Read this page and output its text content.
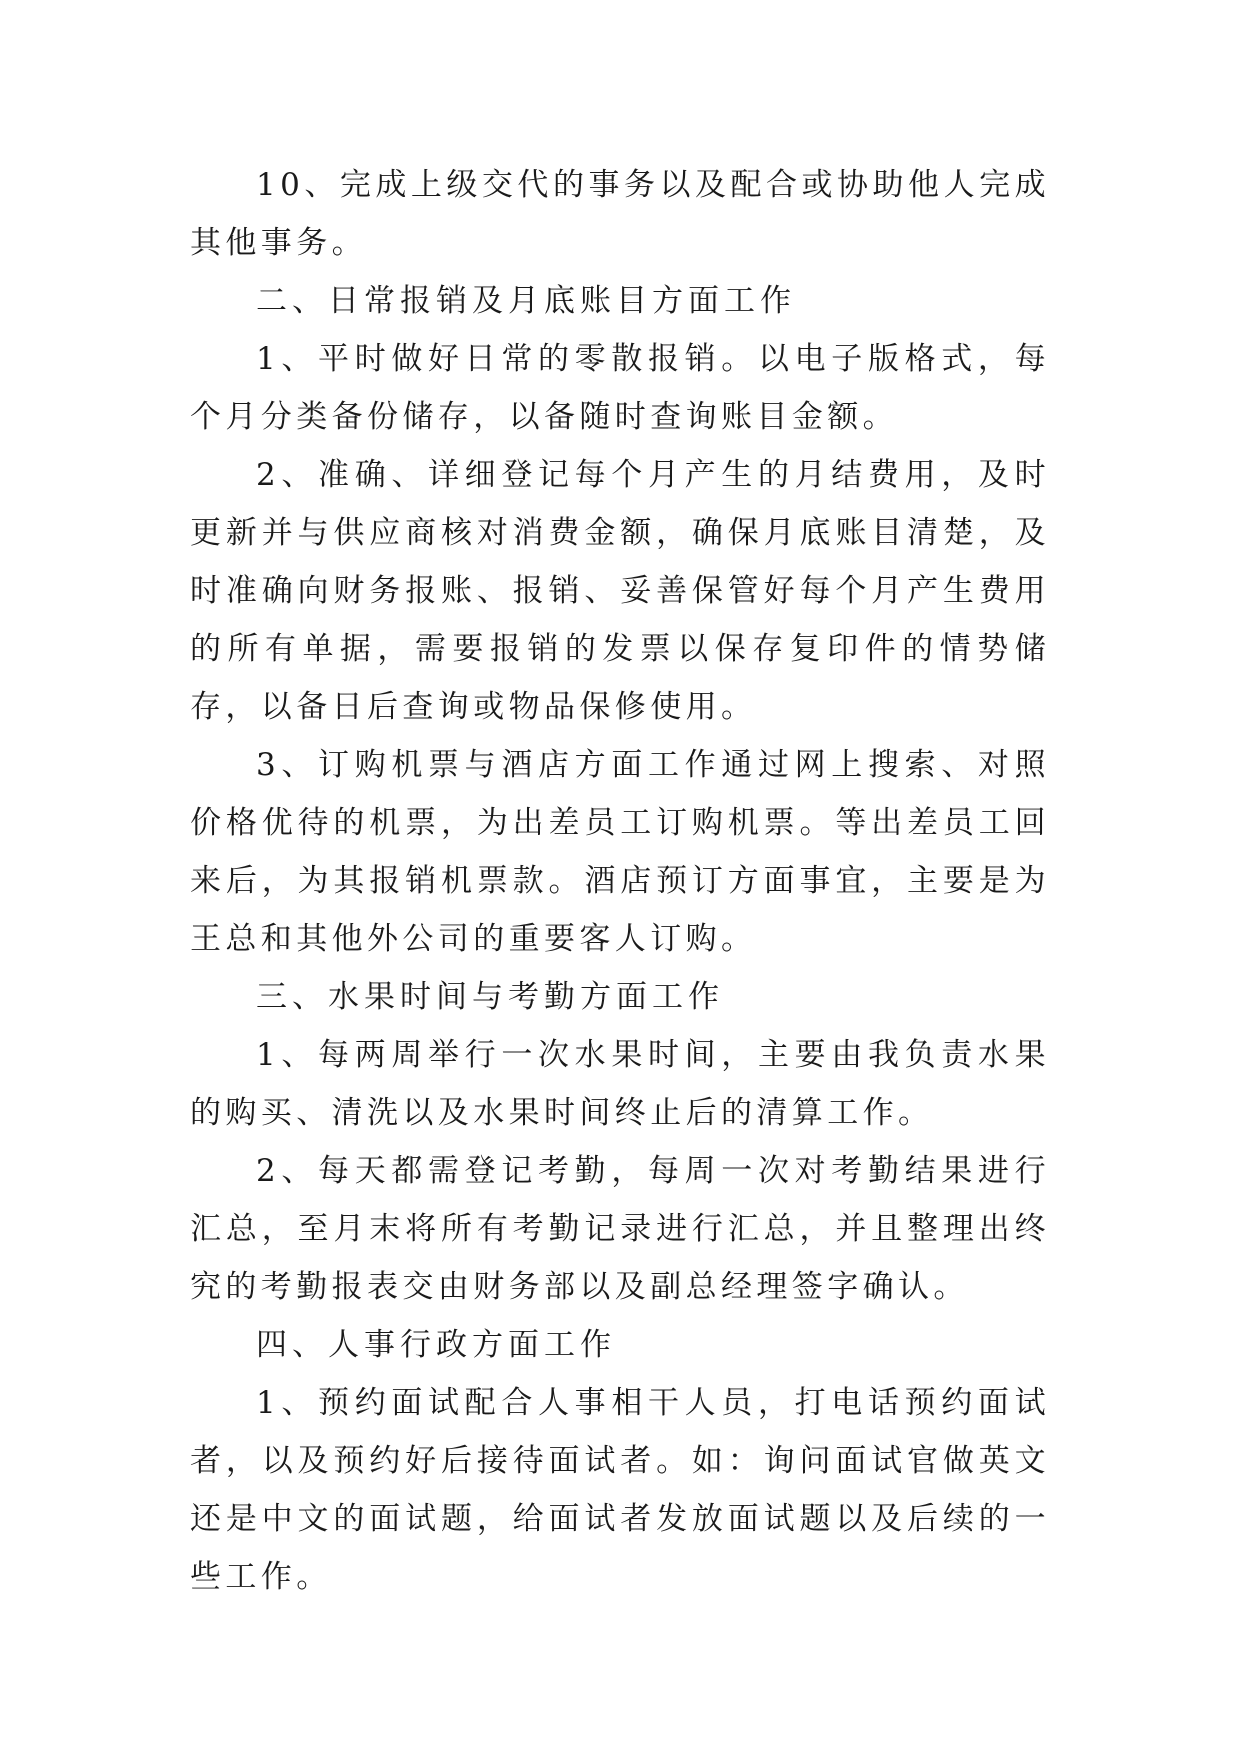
10、完成上级交代的事务以及配合或协助他人完成其他事务。

二、日常报销及月底账目方面工作

1、平时做好日常的零散报销。以电子版格式，每个月分类备份储存，以备随时查询账目金额。

2、准确、详细登记每个月产生的月结费用，及时更新并与供应商核对消费金额，确保月底账目清楚，及时准确向财务报账、报销、妥善保管好每个月产生费用的所有单据，需要报销的发票以保存复印件的情势储存，以备日后查询或物品保修使用。

3、订购机票与酒店方面工作通过网上搜索、对照价格优待的机票，为出差员工订购机票。等出差员工回来后，为其报销机票款。酒店预订方面事宜，主要是为王总和其他外公司的重要客人订购。

三、水果时间与考勤方面工作

1、每两周举行一次水果时间，主要由我负责水果的购买、清洗以及水果时间终止后的清算工作。

2、每天都需登记考勤，每周一次对考勤结果进行汇总，至月末将所有考勤记录进行汇总，并且整理出终究的考勤报表交由财务部以及副总经理签字确认。

四、人事行政方面工作

1、预约面试配合人事相干人员，打电话预约面试者，以及预约好后接待面试者。如：询问面试官做英文还是中文的面试题，给面试者发放面试题以及后续的一些工作。
